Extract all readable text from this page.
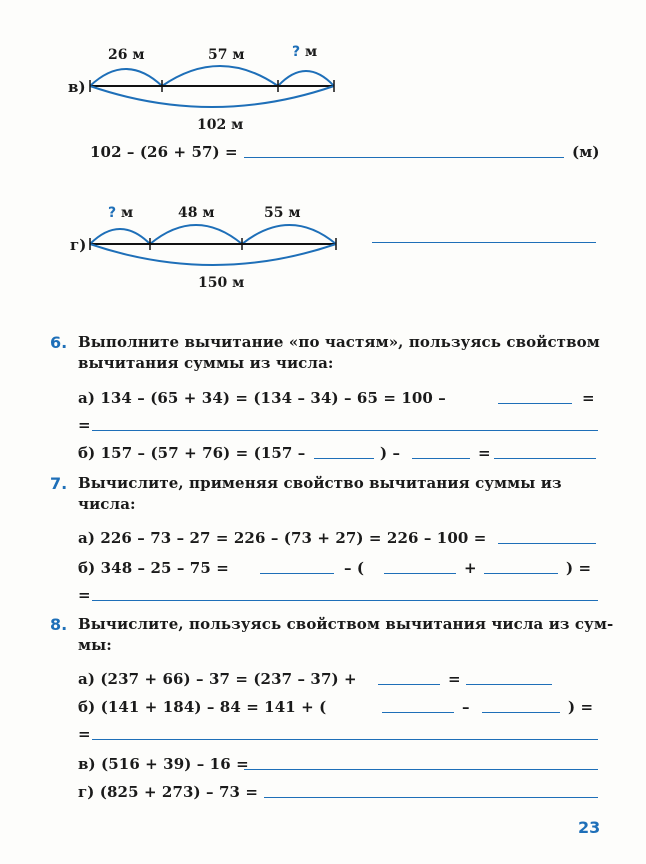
в)
26 м	57 м	? м
102 м
102 – (26 + 57) =	(м)
г)
? м	48 м	55 м
150 м
6. Выполните вычитание «по частям», пользуясь свойством
вычитания суммы из числа:
а) 134 – (65 + 34) = (134 – 34) – 65 = 100 –	=
=
б) 157 – (57 + 76) = (157 –	) –	=
7. Вычислите, применяя свойство вычитания суммы из
числа:
а) 226 – 73 – 27 = 226 – (73 + 27) = 226 – 100 =
б) 348 – 25 – 75 =	– (	+	) =
=
8. Вычислите, пользуясь свойством вычитания числа из сум-
мы:
а) (237 + 66) – 37 = (237 – 37) +	=
б) (141 + 184) – 84 = 141 + (	–	) =
=
в) (516 + 39) – 16 =
г) (825 + 273) – 73 =
23
